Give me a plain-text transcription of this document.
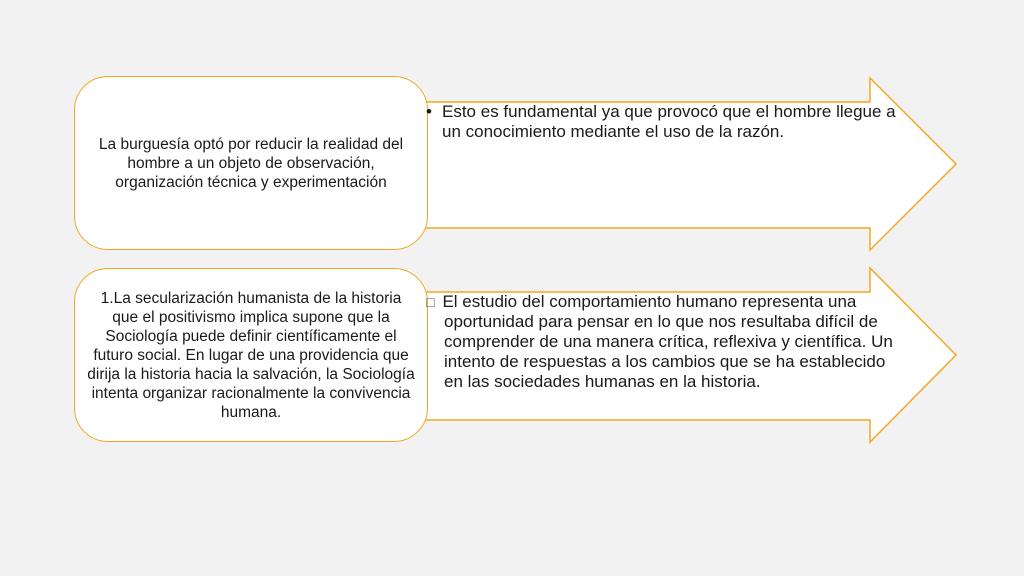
La burguesía optó por reducir la realidad del hombre a un objeto de observación, organización técnica y experimentación
• Esto es fundamental ya que provocó que el hombre llegue a un conocimiento mediante el uso de la razón.
1.La secularización humanista de la historia que el positivismo implica supone que la Sociología puede definir científicamente el futuro social. En lugar de una providencia que dirija la historia hacia la salvación, la Sociología intenta organizar racionalmente la convivencia humana.
□ El estudio del comportamiento humano representa una oportunidad para pensar en lo que nos resultaba difícil de comprender de una manera crítica, reflexiva y científica. Un intento de respuestas a los cambios que se ha establecido en las sociedades humanas en la historia.
